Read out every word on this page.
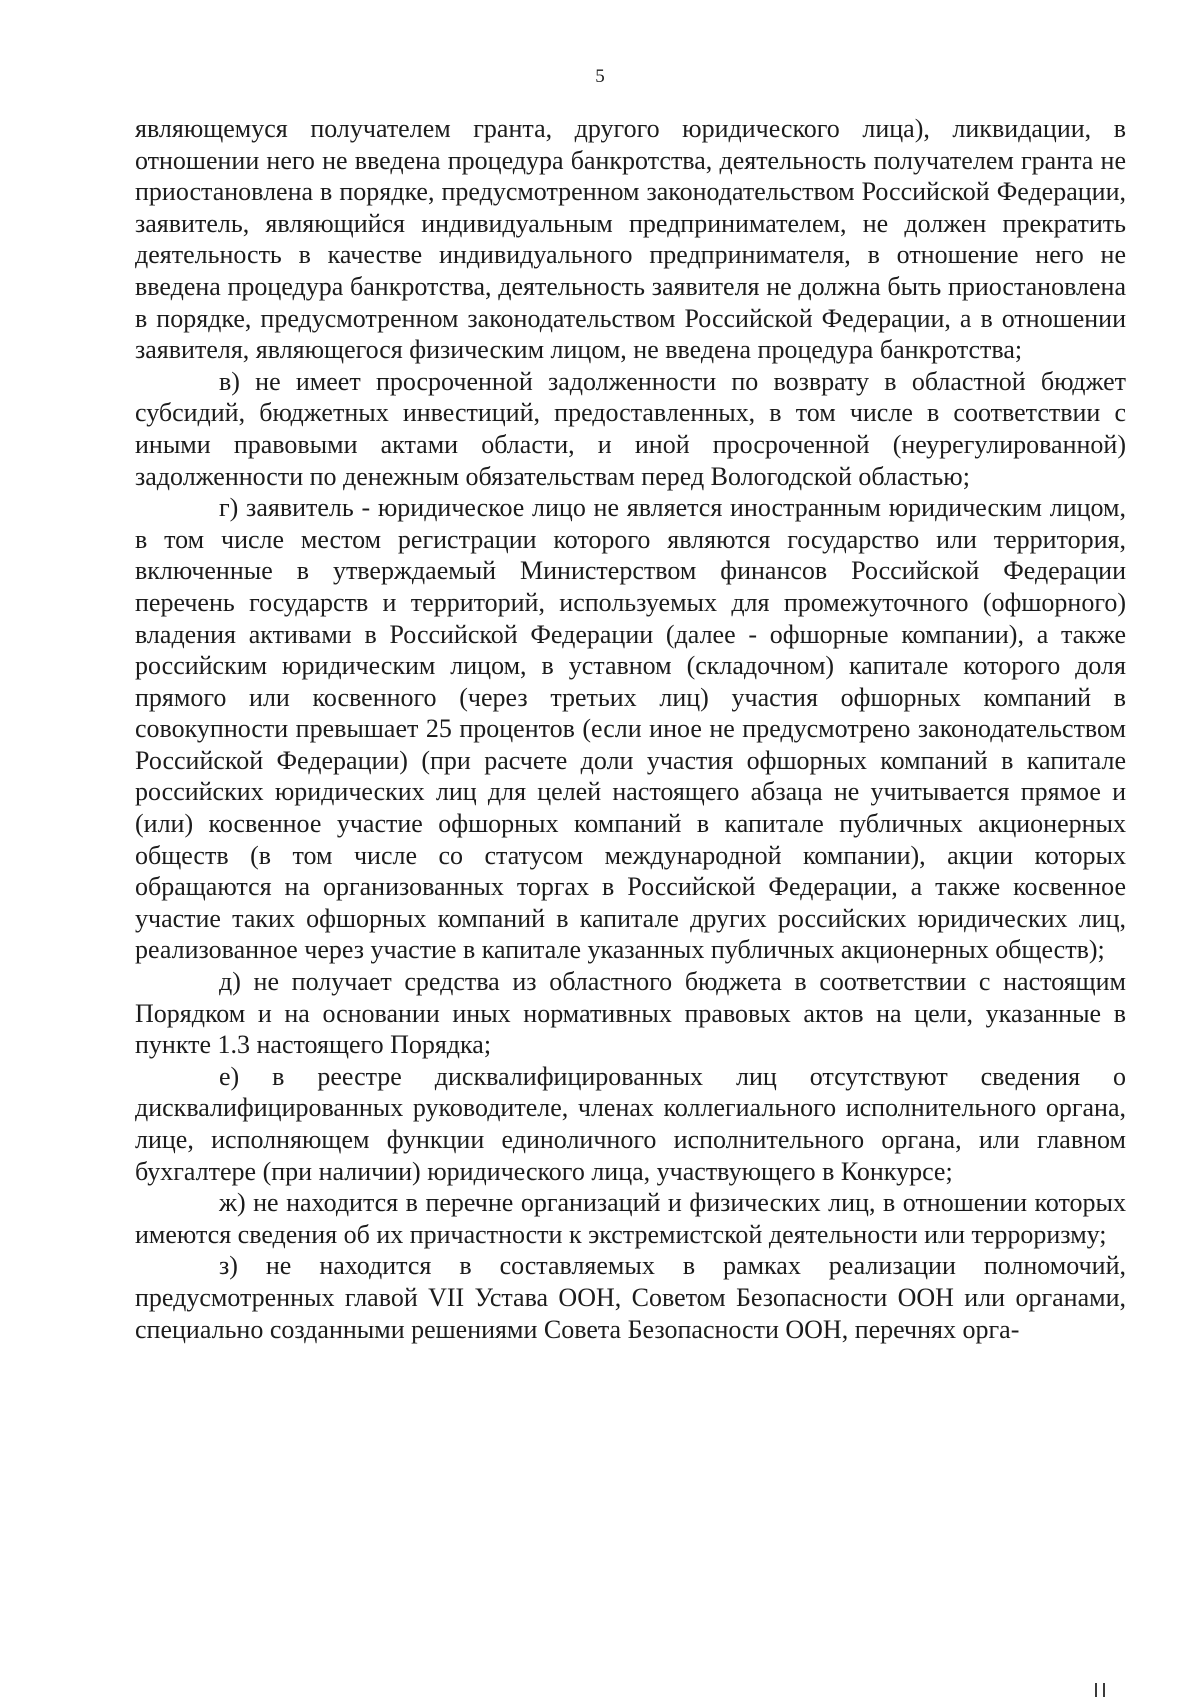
5

являющемуся получателем гранта, другого юридического лица), ликвидации, в отношении него не введена процедура банкротства, деятельность получателем гранта не приостановлена в порядке, предусмотренном законодательством Российской Федерации, заявитель, являющийся индивидуальным предпринимателем, не должен прекратить деятельность в качестве индивидуального предпринимателя, в отношение него не введена процедура банкротства, деятельность заявителя не должна быть приостановлена в порядке, предусмотренном законодательством Российской Федерации, а в отношении заявителя, являющегося физическим лицом, не введена процедура банкротства;

в) не имеет просроченной задолженности по возврату в областной бюджет субсидий, бюджетных инвестиций, предоставленных, в том числе в соответствии с иными правовыми актами области, и иной просроченной (неурегулированной) задолженности по денежным обязательствам перед Вологодской областью;

г) заявитель - юридическое лицо не является иностранным юридическим лицом, в том числе местом регистрации которого являются государство или территория, включенные в утверждаемый Министерством финансов Российской Федерации перечень государств и территорий, используемых для промежуточного (офшорного) владения активами в Российской Федерации (далее - офшорные компании), а также российским юридическим лицом, в уставном (складочном) капитале которого доля прямого или косвенного (через третьих лиц) участия офшорных компаний в совокупности превышает 25 процентов (если иное не предусмотрено законодательством Российской Федерации) (при расчете доли участия офшорных компаний в капитале российских юридических лиц для целей настоящего абзаца не учитывается прямое и (или) косвенное участие офшорных компаний в капитале публичных акционерных обществ (в том числе со статусом международной компании), акции которых обращаются на организованных торгах в Российской Федерации, а также косвенное участие таких офшорных компаний в капитале других российских юридических лиц, реализованное через участие в капитале указанных публичных акционерных обществ);

д) не получает средства из областного бюджета в соответствии с настоящим Порядком и на основании иных нормативных правовых актов на цели, указанные в пункте 1.3 настоящего Порядка;

е) в реестре дисквалифицированных лиц отсутствуют сведения о дисквалифицированных руководителе, членах коллегиального исполнительного органа, лице, исполняющем функции единоличного исполнительного органа, или главном бухгалтере (при наличии) юридического лица, участвующего в Конкурсе;

ж) не находится в перечне организаций и физических лиц, в отношении которых имеются сведения об их причастности к экстремистской деятельности или терроризму;

з) не находится в составляемых в рамках реализации полномочий, предусмотренных главой VII Устава ООН, Советом Безопасности ООН или органами, специально созданными решениями Совета Безопасности ООН, перечнях орга-
